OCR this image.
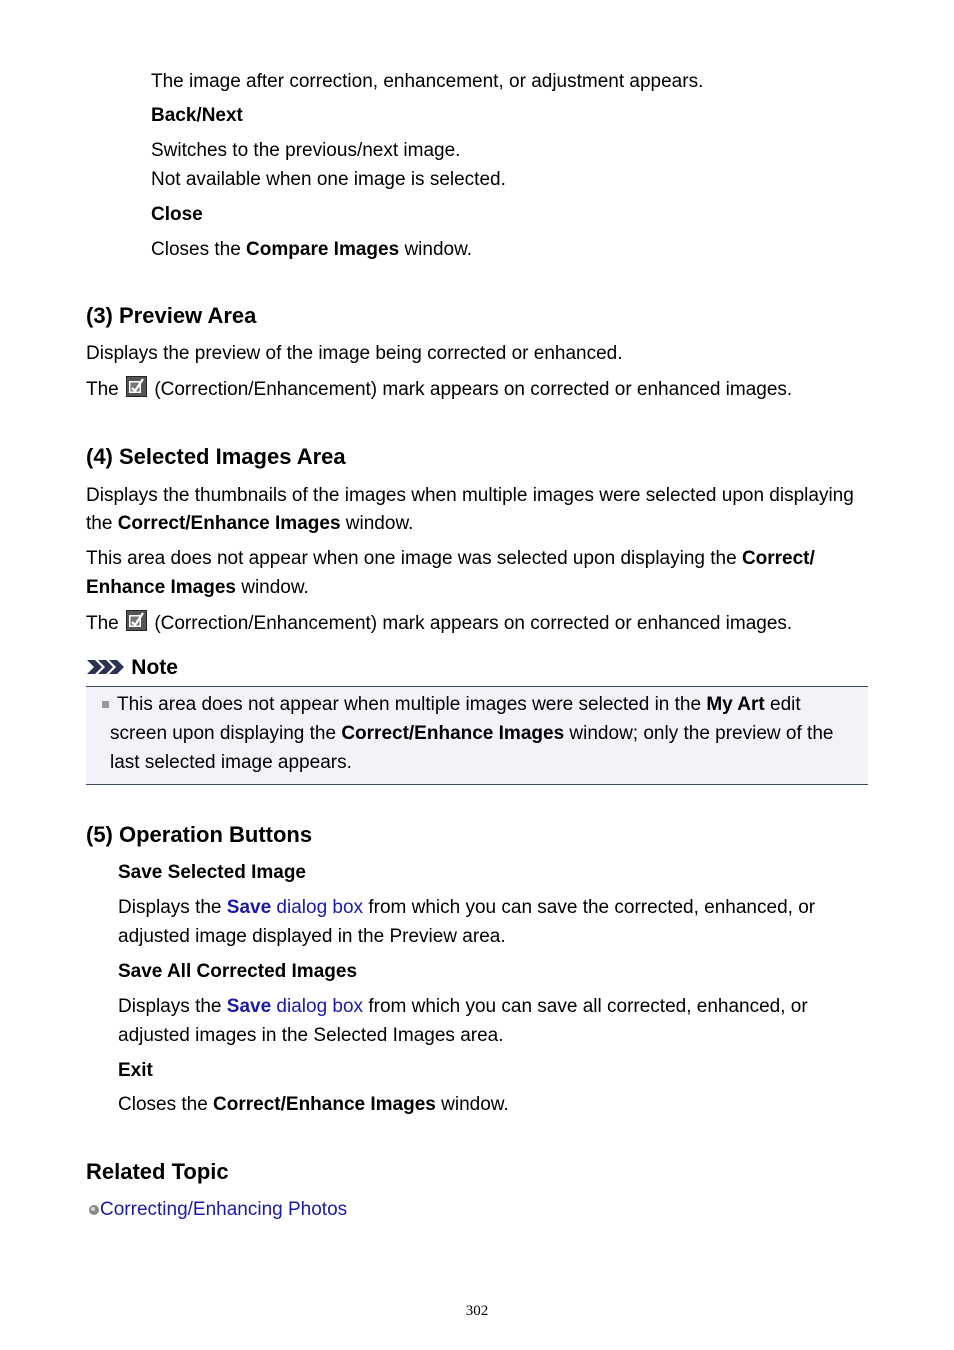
The image after correction, enhancement, or adjustment appears.
Back/Next
Switches to the previous/next image.
Not available when one image is selected.
Close
Closes the Compare Images window.
(3) Preview Area
Displays the preview of the image being corrected or enhanced.
The (Correction/Enhancement) mark appears on corrected or enhanced images.
(4) Selected Images Area
Displays the thumbnails of the images when multiple images were selected upon displaying
the Correct/Enhance Images window.
This area does not appear when one image was selected upon displaying the Correct/
Enhance Images window.
The (Correction/Enhancement) mark appears on corrected or enhanced images.
Note
This area does not appear when multiple images were selected in the My Art edit
screen upon displaying the Correct/Enhance Images window; only the preview of the
last selected image appears.
(5) Operation Buttons
Save Selected Image
Displays the Save dialog box from which you can save the corrected, enhanced, or
adjusted image displayed in the Preview area.
Save All Corrected Images
Displays the Save dialog box from which you can save all corrected, enhanced, or
adjusted images in the Selected Images area.
Exit
Closes the Correct/Enhance Images window.
Related Topic
Correcting/Enhancing Photos
302
